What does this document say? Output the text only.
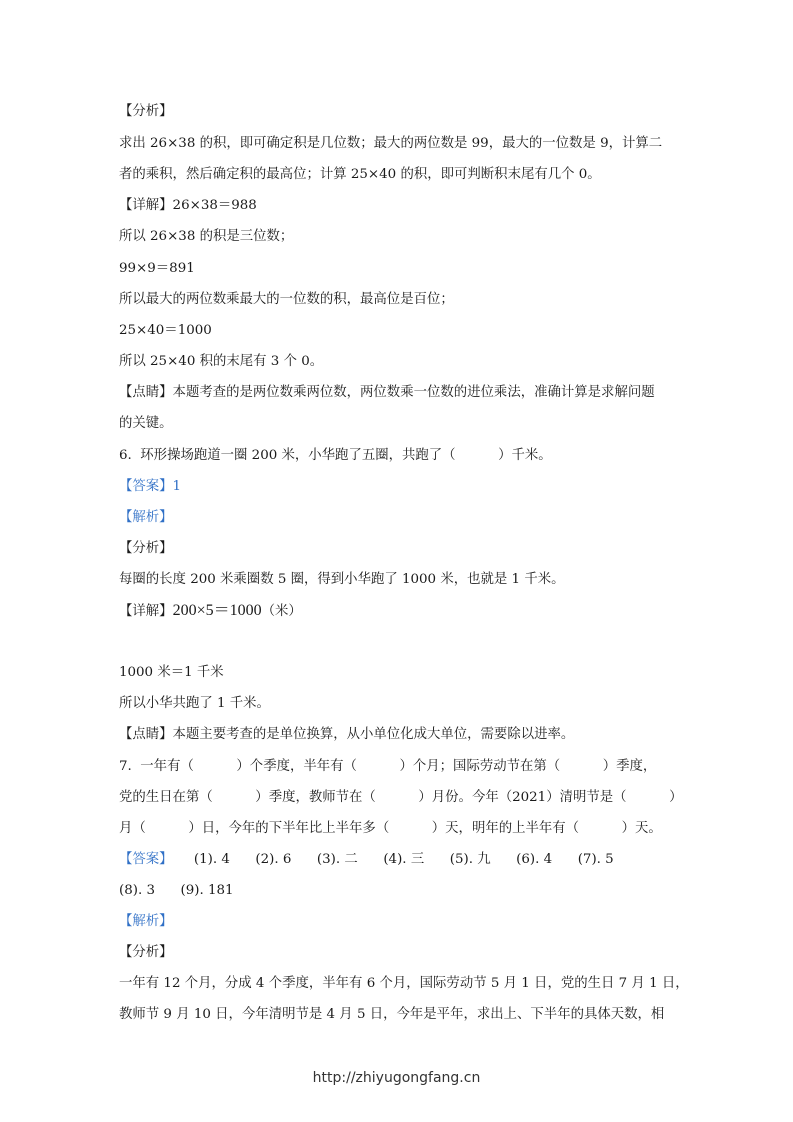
【分析】
求出 26×38 的积，即可确定积是几位数；最大的两位数是 99，最大的一位数是 9，计算二
者的乘积，然后确定积的最高位；计算 25×40 的积，即可判断积末尾有几个 0。
【详解】26×38＝988
所以 26×38 的积是三位数；
99×9＝891
所以最大的两位数乘最大的一位数的积，最高位是百位；
25×40＝1000
所以 25×40 积的末尾有 3 个 0。
【点睛】本题考查的是两位数乘两位数，两位数乘一位数的进位乘法，准确计算是求解问题
的关键。
6.  环形操场跑道一圈 200 米，小华跑了五圈，共跑了（          ）千米。
【答案】1
【解析】
【分析】
每圈的长度 200 米乘圈数 5 圈，得到小华跑了 1000 米，也就是 1 千米。
1000 米＝1 千米
所以小华共跑了 1 千米。
【点睛】本题主要考查的是单位换算，从小单位化成大单位，需要除以进率。
7.  一年有（          ）个季度，半年有（          ）个月；国际劳动节在第（          ）季度，
党的生日在第（          ）季度，教师节在（          ）月份。今年（2021）清明节是（          ）
月（          ）日，今年的下半年比上半年多（          ）天，明年的上半年有（          ）天。
(8). 3      (9). 181
【解析】
【分析】
一年有 12 个月，分成 4 个季度，半年有 6 个月，国际劳动节 5 月 1 日，党的生日 7 月 1 日，
教师节 9 月 10 日，今年清明节是 4 月 5 日，今年是平年，求出上、下半年的具体天数，相
【详解】200×5＝1000（米）
【答案】     (1). 4      (2). 6      (3). 二      (4). 三      (5). 九      (6). 4      (7). 5
http://zhiyugongfang.cn
